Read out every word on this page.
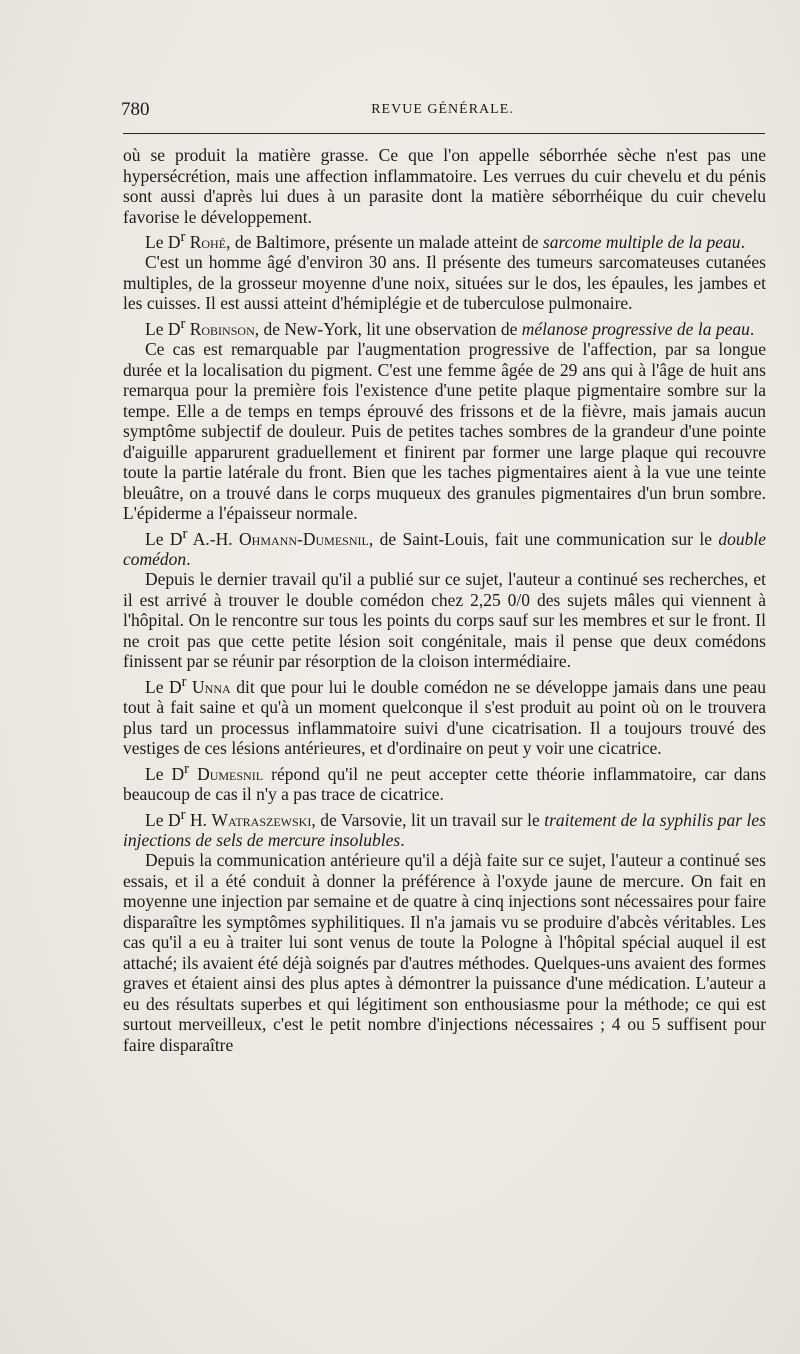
780	REVUE GÉNÉRALE.

où se produit la matière grasse. Ce que l'on appelle séborrhée sèche n'est pas une hypersécrétion, mais une affection inflammatoire. Les verrues du cuir chevelu et du pénis sont aussi d'après lui dues à un parasite dont la matière séborrhéique du cuir chevelu favorise le développement.

Le $D^r$ Rohé, de Baltimore, présente un malade atteint de sarcome multiple de la peau.

C'est un homme âgé d'environ 30 ans. Il présente des tumeurs sarcomateuses cutanées multiples, de la grosseur moyenne d'une noix, situées sur le dos, les épaules, les jambes et les cuisses. Il est aussi atteint d'hémiplégie et de tuberculose pulmonaire.

Le $D^r$ Robinson, de New-York, lit une observation de mélanose progressive de la peau.

Ce cas est remarquable par l'augmentation progressive de l'affection, par sa longue durée et la localisation du pigment. C'est une femme âgée de 29 ans qui à l'âge de huit ans remarqua pour la première fois l'existence d'une petite plaque pigmentaire sombre sur la tempe. Elle a de temps en temps éprouvé des frissons et de la fièvre, mais jamais aucun symptôme subjectif de douleur. Puis de petites taches sombres de la grandeur d'une pointe d'aiguille apparurent graduellement et finirent par former une large plaque qui recouvre toute la partie latérale du front. Bien que les taches pigmentaires aient à la vue une teinte bleuâtre, on a trouvé dans le corps muqueux des granules pigmentaires d'un brun sombre. L'épiderme a l'épaisseur normale.

Le $D^r$ A.-H. Ohmann-Dumesnil, de Saint-Louis, fait une communication sur le double comédon.

Depuis le dernier travail qu'il a publié sur ce sujet, l'auteur a continué ses recherches, et il est arrivé à trouver le double comédon chez 2,25 0/0 des sujets mâles qui viennent à l'hôpital. On le rencontre sur tous les points du corps sauf sur les membres et sur le front. Il ne croit pas que cette petite lésion soit congénitale, mais il pense que deux comédons finissent par se réunir par résorption de la cloison intermédiaire.

Le $D^r$ Unna dit que pour lui le double comédon ne se développe jamais dans une peau tout à fait saine et qu'à un moment quelconque il s'est produit au point où on le trouvera plus tard un processus inflammatoire suivi d'une cicatrisation. Il a toujours trouvé des vestiges de ces lésions antérieures, et d'ordinaire on peut y voir une cicatrice.

Le $D^r$ Dumesnil répond qu'il ne peut accepter cette théorie inflammatoire, car dans beaucoup de cas il n'y a pas trace de cicatrice.

Le $D^r$ H. Watraszewski, de Varsovie, lit un travail sur le traitement de la syphilis par les injections de sels de mercure insolubles.

Depuis la communication antérieure qu'il a déjà faite sur ce sujet, l'auteur a continué ses essais, et il a été conduit à donner la préférence à l'oxyde jaune de mercure. On fait en moyenne une injection par semaine et de quatre à cinq injections sont nécessaires pour faire disparaître les symptômes syphilitiques. Il n'a jamais vu se produire d'abcès véritables. Les cas qu'il a eu à traiter lui sont venus de toute la Pologne à l'hôpital spécial auquel il est attaché; ils avaient été déjà soignés par d'autres méthodes. Quelques-uns avaient des formes graves et étaient ainsi des plus aptes à démontrer la puissance d'une médication. L'auteur a eu des résultats superbes et qui légitiment son enthousiasme pour la méthode; ce qui est surtout merveilleux, c'est le petit nombre d'injections nécessaires ; 4 ou 5 suffisent pour faire disparaître
